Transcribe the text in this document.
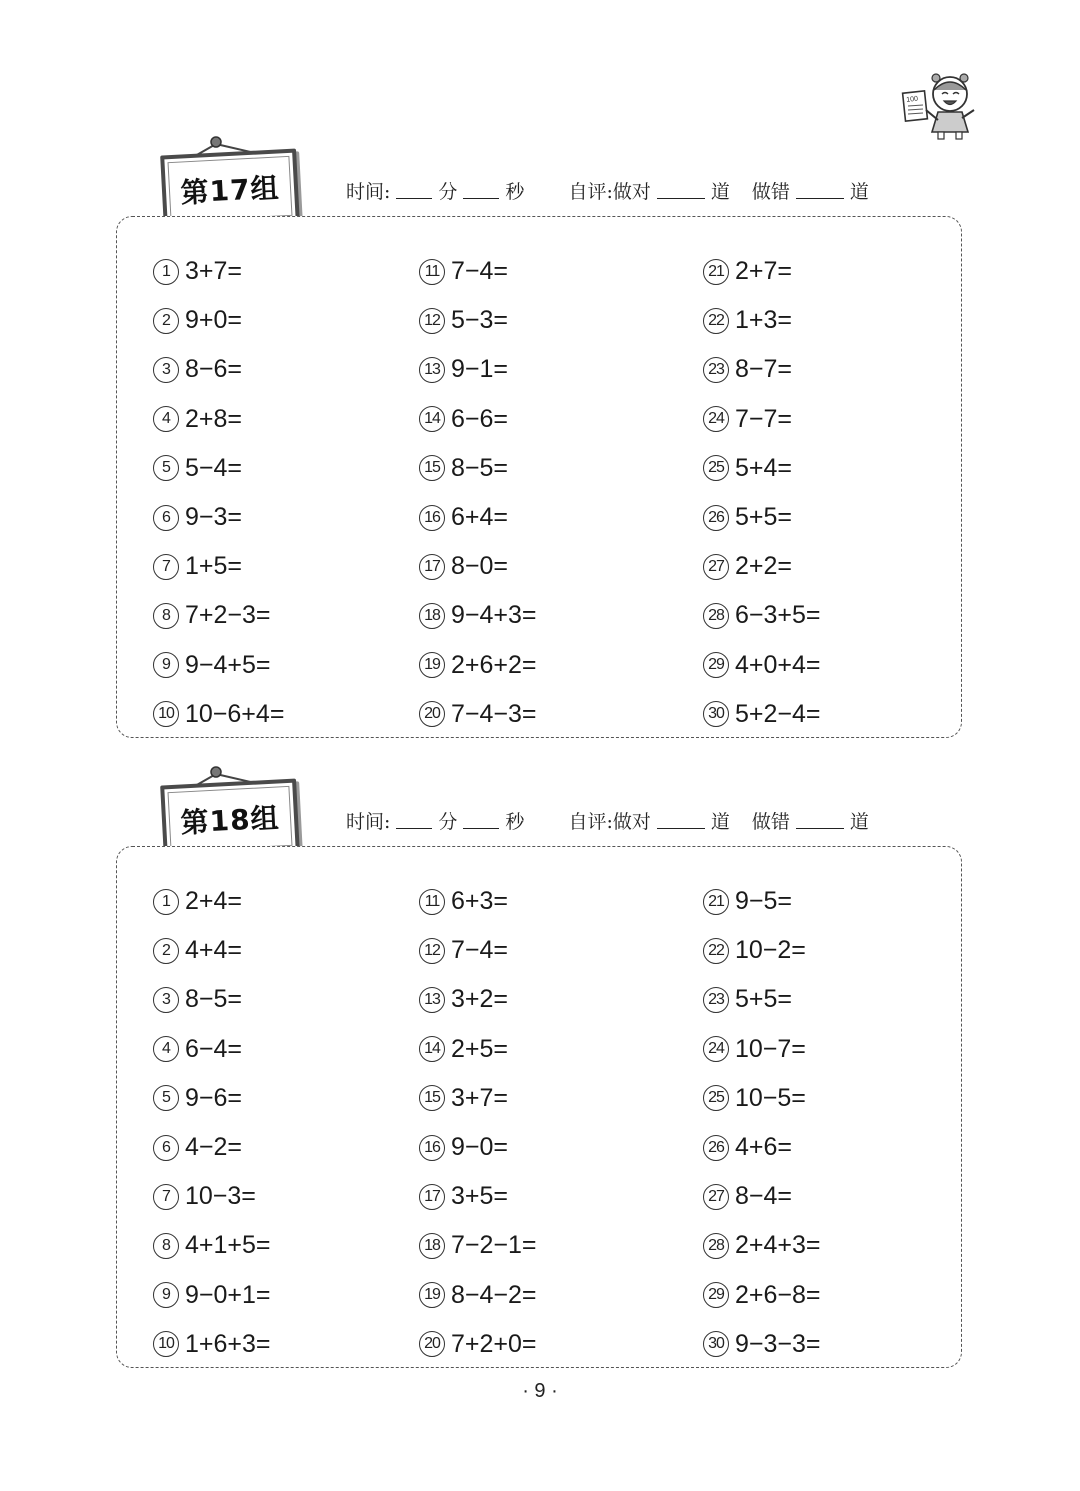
100
第17组	时间:	分	秒 自评:做对	道 做错	道
1 3+7=
2 9+0=
3 8−6=
4 2+8=
5 5−4=
6 9−3=
7 1+5=
8 7+2−3=
9 9−4+5=
10 10−6+4=
11 7−4=
12 5−3=
13 9−1=
14 6−6=
15 8−5=
16 6+4=
17 8−0=
18 9−4+3=
19 2+6+2=
20 7−4−3=
21 2+7=
22 1+3=
23 8−7=
24 7−7=
25 5+4=
26 5+5=
27 2+2=
28 6−3+5=
29 4+0+4=
30 5+2−4=
第18组	时间:	分	秒 自评:做对	道 做错	道
1 2+4=
2 4+4=
3 8−5=
4 6−4=
5 9−6=
6 4−2=
7 10−3=
8 4+1+5=
9 9−0+1=
10 1+6+3=
11 6+3=
12 7−4=
13 3+2=
14 2+5=
15 3+7=
16 9−0=
17 3+5=
18 7−2−1=
19 8−4−2=
20 7+2+0=
21 9−5=
22 10−2=
23 5+5=
24 10−7=
25 10−5=
26 4+6=
27 8−4=
28 2+4+3=
29 2+6−8=
30 9−3−3=
· 9 ·
